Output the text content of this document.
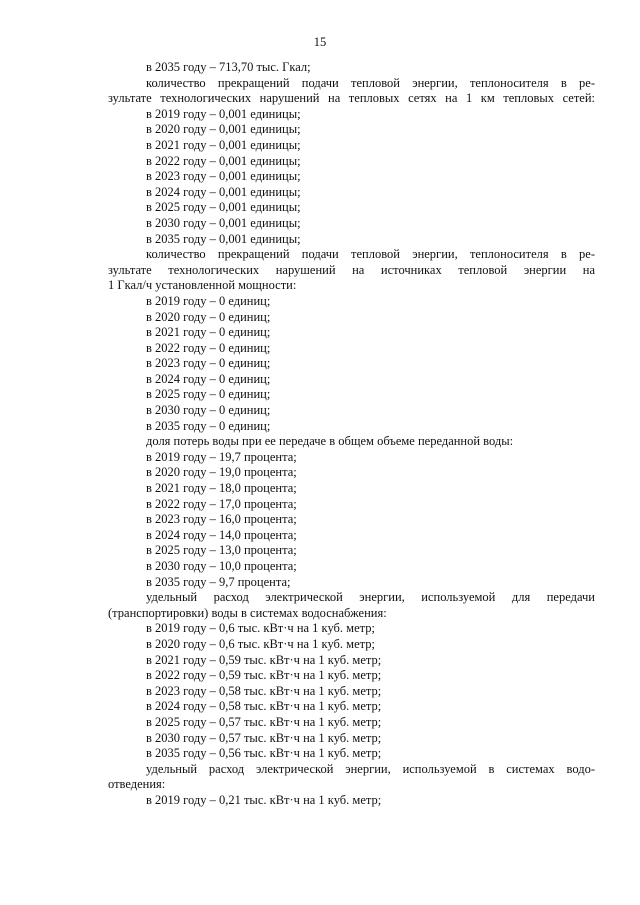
15
в 2035 году – 713,70 тыс. Гкал;
количество прекращений подачи тепловой энергии, теплоносителя в ре-
зультате технологических нарушений на тепловых сетях на 1 км тепловых сетей:
в 2019 году – 0,001 единицы;
в 2020 году – 0,001 единицы;
в 2021 году – 0,001 единицы;
в 2022 году – 0,001 единицы;
в 2023 году – 0,001 единицы;
в 2024 году – 0,001 единицы;
в 2025 году – 0,001 единицы;
в 2030 году – 0,001 единицы;
в 2035 году – 0,001 единицы;
количество прекращений подачи тепловой энергии, теплоносителя в ре-
зультате технологических нарушений на источниках тепловой энергии на
1 Гкал/ч установленной мощности:
в 2019 году – 0 единиц;
в 2020 году – 0 единиц;
в 2021 году – 0 единиц;
в 2022 году – 0 единиц;
в 2023 году – 0 единиц;
в 2024 году – 0 единиц;
в 2025 году – 0 единиц;
в 2030 году – 0 единиц;
в 2035 году – 0 единиц;
доля потерь воды при ее передаче в общем объеме переданной воды:
в 2019 году – 19,7 процента;
в 2020 году – 19,0 процента;
в 2021 году – 18,0 процента;
в 2022 году – 17,0 процента;
в 2023 году – 16,0 процента;
в 2024 году – 14,0 процента;
в 2025 году – 13,0 процента;
в 2030 году – 10,0 процента;
в 2035 году – 9,7 процента;
удельный расход электрической энергии, используемой для передачи
(транспортировки) воды в системах водоснабжения:
в 2019 году – 0,6 тыс. кВт·ч на 1 куб. метр;
в 2020 году – 0,6 тыс. кВт·ч на 1 куб. метр;
в 2021 году – 0,59 тыс. кВт·ч на 1 куб. метр;
в 2022 году – 0,59 тыс. кВт·ч на 1 куб. метр;
в 2023 году – 0,58 тыс. кВт·ч на 1 куб. метр;
в 2024 году – 0,58 тыс. кВт·ч на 1 куб. метр;
в 2025 году – 0,57 тыс. кВт·ч на 1 куб. метр;
в 2030 году – 0,57 тыс. кВт·ч на 1 куб. метр;
в 2035 году – 0,56 тыс. кВт·ч на 1 куб. метр;
удельный расход электрической энергии, используемой в системах водо-
отведения:
в 2019 году – 0,21 тыс. кВт·ч на 1 куб. метр;
